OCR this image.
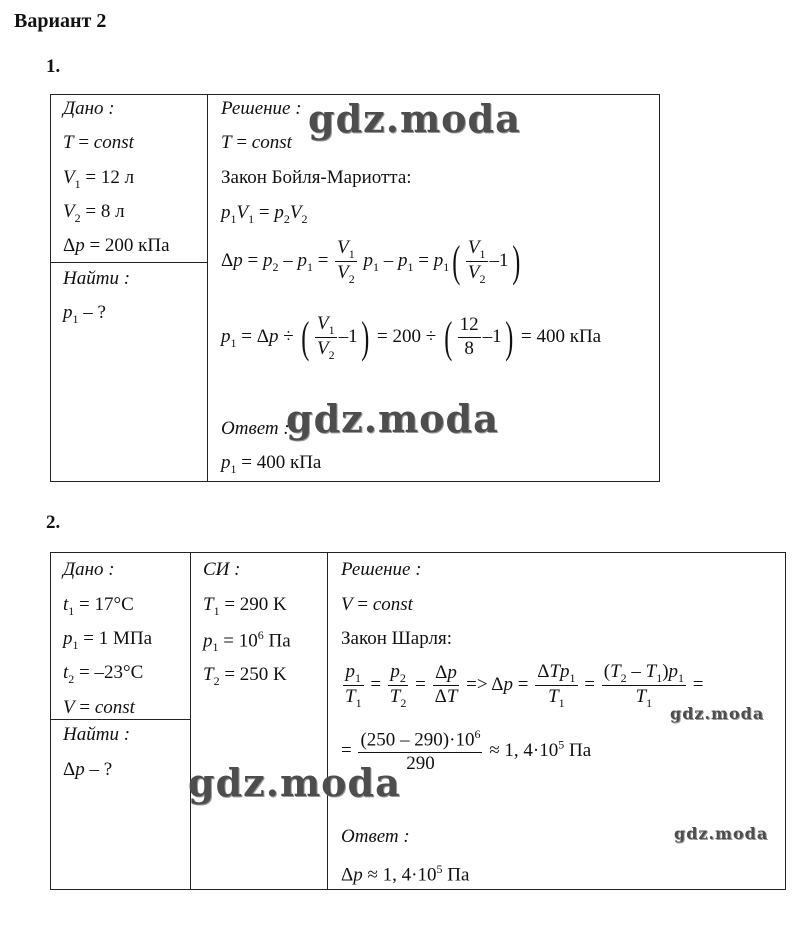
Вариант 2
1.
Дано :
T = const
$V_1 = 12$ л
$V_2 = 8$ л
Δp = 200 кПа
Найти :
$p_1$ – ?
Решение :
T = const
Закон Бойля-Мариотта:
$p_1V_1 = p_2V_2$
$\Delta p = p_2 - p_1 = \frac{V_1}{V_2} p_1 - p_1 = p_1( \frac{V_1}{V_2} -1)$
$p_1 = \Delta p$ ÷ ( $\frac{V_1}{V_2} -1) = 200$ ÷ ( $\frac{12}{8} -1) = 400$ кПа
Ответ :
$p_1 = 400$ кПа
gdz.moda
gdz.moda
2.
Дано :
$t_1 = 17^\circ C$
$p_1 = 1$ МПа
$t_2 = -23^\circ C$
V = const
Найти :
Δp – ?
СИ :
$T_1 = 290$ K
$p_1 = 10^6$ Па
$T_2 = 250$ K
Решение :
V = const
Закон Шарля:
$\frac{p_1}{T_1} = \frac{p_2}{T_2} = \frac{\Delta p}{\Delta T} => \Delta p = \frac{\Delta Tp_1}{T_1} = \frac{(T_2 - T_1)p_1}{T_1}$ =
= $\frac{(250 - 290)\cdot 10^6}{290} \approx 1$, $4\cdot 10^5$ Па
Ответ :
Δp ≈ 1, $4\cdot 10^5$ Па
gdz.moda
gdz.moda
gdz.moda
